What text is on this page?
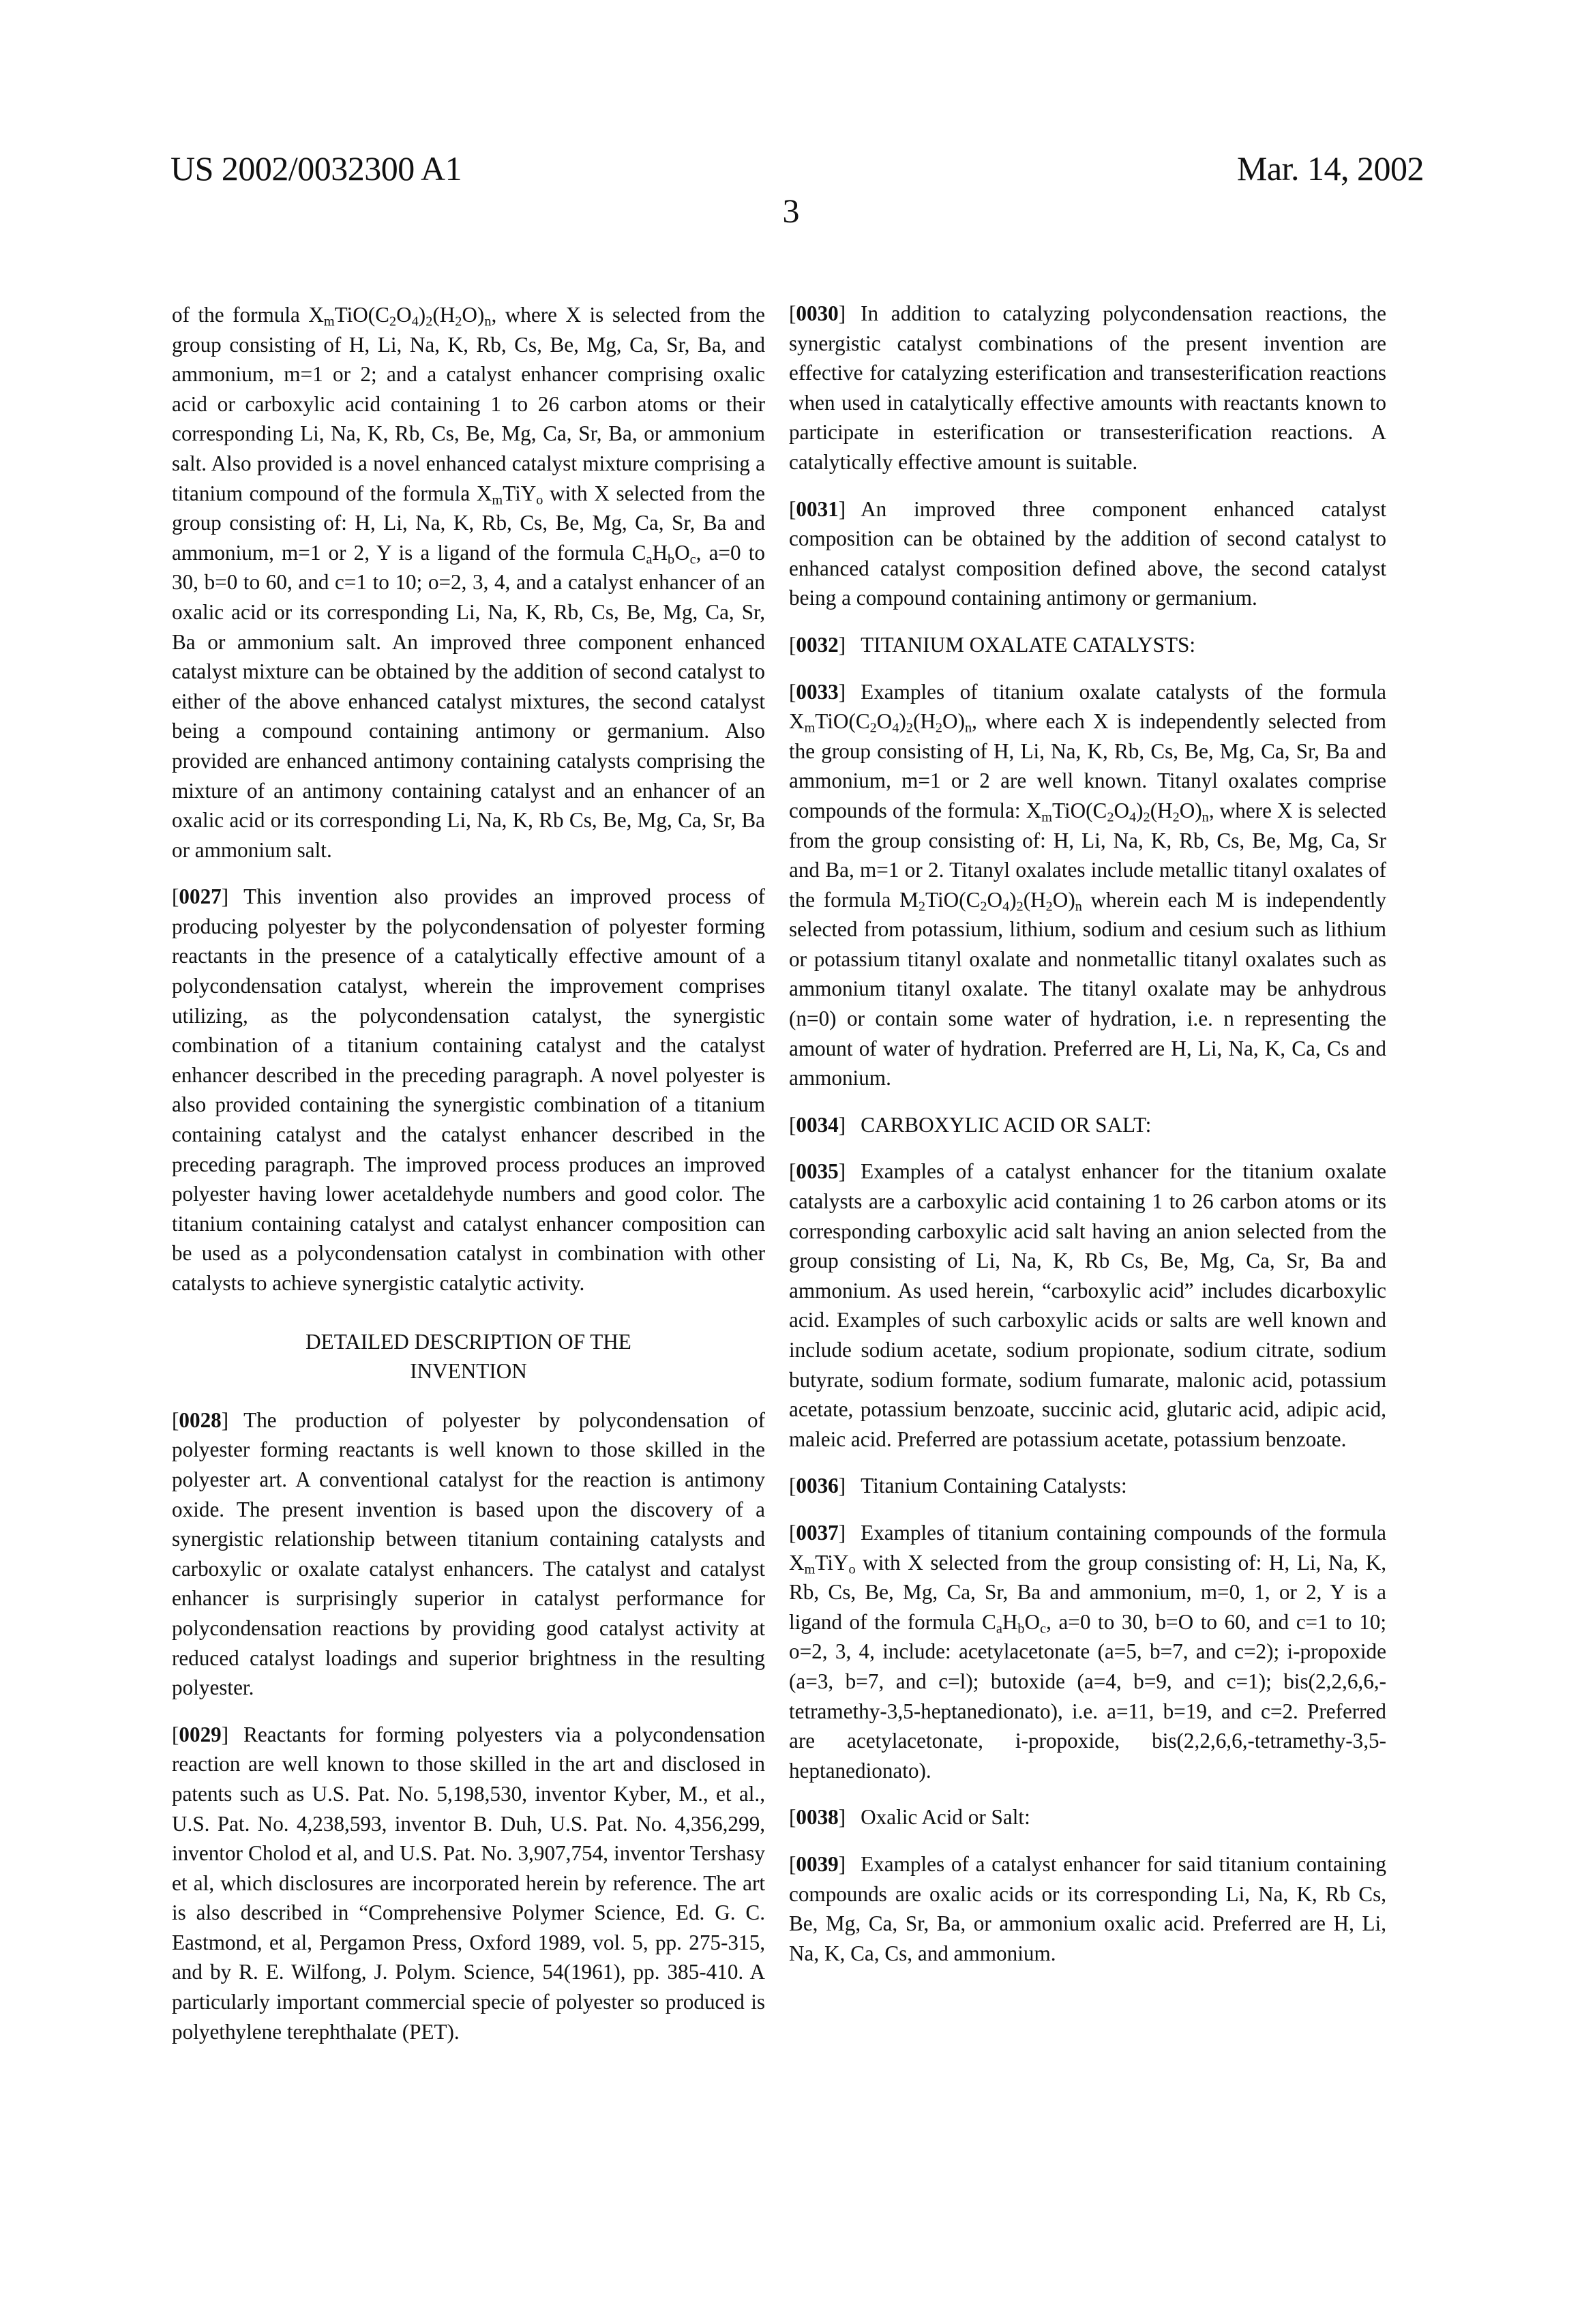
US 2002/0032300 A1	Mar. 14, 2002
3

of the formula $X_mTiO(C_2O_4)_2(H_2O)_n$, where X is selected from the group consisting of H, Li, Na, K, Rb, Cs, Be, Mg, Ca, Sr, Ba, and ammonium, m=1 or 2; and a catalyst enhancer comprising oxalic acid or carboxylic acid containing 1 to 26 carbon atoms or their corresponding Li, Na, K, Rb, Cs, Be, Mg, Ca, Sr, Ba, or ammonium salt. Also provided is a novel enhanced catalyst mixture comprising a titanium compound of the formula $X_mTiY_o$ with X selected from the group consisting of: H, Li, Na, K, Rb, Cs, Be, Mg, Ca, Sr, Ba and ammonium, m=1 or 2, Y is a ligand of the formula $C_aH_bO_c$, a=0 to 30, b=0 to 60, and c=1 to 10; o=2, 3, 4, and a catalyst enhancer of an oxalic acid or its corresponding Li, Na, K, Rb, Cs, Be, Mg, Ca, Sr, Ba or ammonium salt. An improved three component enhanced catalyst mixture can be obtained by the addition of second catalyst to either of the above enhanced catalyst mixtures, the second catalyst being a compound containing antimony or germanium. Also provided are enhanced antimony containing catalysts comprising the mixture of an antimony containing catalyst and an enhancer of an oxalic acid or its corresponding Li, Na, K, Rb Cs, Be, Mg, Ca, Sr, Ba or ammonium salt.

[0027] This invention also provides an improved process of producing polyester by the polycondensation of polyester forming reactants in the presence of a catalytically effective amount of a polycondensation catalyst, wherein the improvement comprises utilizing, as the polycondensation catalyst, the synergistic combination of a titanium containing catalyst and the catalyst enhancer described in the preceding paragraph. A novel polyester is also provided containing the synergistic combination of a titanium containing catalyst and the catalyst enhancer described in the preceding paragraph. The improved process produces an improved polyester having lower acetaldehyde numbers and good color. The titanium containing catalyst and catalyst enhancer composition can be used as a polycondensation catalyst in combination with other catalysts to achieve synergistic catalytic activity.

DETAILED DESCRIPTION OF THE
INVENTION

[0028] The production of polyester by polycondensation of polyester forming reactants is well known to those skilled in the polyester art. A conventional catalyst for the reaction is antimony oxide. The present invention is based upon the discovery of a synergistic relationship between titanium containing catalysts and carboxylic or oxalate catalyst enhancers. The catalyst and catalyst enhancer is surprisingly superior in catalyst performance for polycondensation reactions by providing good catalyst activity at reduced catalyst loadings and superior brightness in the resulting polyester.

[0029] Reactants for forming polyesters via a polycondensation reaction are well known to those skilled in the art and disclosed in patents such as U.S. Pat. No. 5,198,530, inventor Kyber, M., et al., U.S. Pat. No. 4,238,593, inventor B. Duh, U.S. Pat. No. 4,356,299, inventor Cholod et al, and U.S. Pat. No. 3,907,754, inventor Tershasy et al, which disclosures are incorporated herein by reference. The art is also described in “Comprehensive Polymer Science, Ed. G. C. Eastmond, et al, Pergamon Press, Oxford 1989, vol. 5, pp. 275-315, and by R. E. Wilfong, J. Polym. Science, 54(1961), pp. 385-410. A particularly important commercial specie of polyester so produced is polyethylene terephthalate (PET).

[0030] In addition to catalyzing polycondensation reactions, the synergistic catalyst combinations of the present invention are effective for catalyzing esterification and transesterification reactions when used in catalytically effective amounts with reactants known to participate in esterification or transesterification reactions. A catalytically effective amount is suitable.

[0031] An improved three component enhanced catalyst composition can be obtained by the addition of second catalyst to enhanced catalyst composition defined above, the second catalyst being a compound containing antimony or germanium.

[0032] TITANIUM OXALATE CATALYSTS:

[0033] Examples of titanium oxalate catalysts of the formula $X_mTiO(C_2O_4)_2(H_2O)_n$, where each X is independently selected from the group consisting of H, Li, Na, K, Rb, Cs, Be, Mg, Ca, Sr, Ba and ammonium, m=1 or 2 are well known. Titanyl oxalates comprise compounds of the formula: $X_mTiO(C_2O_4)_2(H_2O)_n$, where X is selected from the group consisting of: H, Li, Na, K, Rb, Cs, Be, Mg, Ca, Sr and Ba, m=1 or 2. Titanyl oxalates include metallic titanyl oxalates of the formula $M_2TiO(C_2O_4)_2(H_2O)_n$ wherein each M is independently selected from potassium, lithium, sodium and cesium such as lithium or potassium titanyl oxalate and nonmetallic titanyl oxalates such as ammonium titanyl oxalate. The titanyl oxalate may be anhydrous (n=0) or contain some water of hydration, i.e. n representing the amount of water of hydration. Preferred are H, Li, Na, K, Ca, Cs and ammonium.

[0034] CARBOXYLIC ACID OR SALT:

[0035] Examples of a catalyst enhancer for the titanium oxalate catalysts are a carboxylic acid containing 1 to 26 carbon atoms or its corresponding carboxylic acid salt having an anion selected from the group consisting of Li, Na, K, Rb Cs, Be, Mg, Ca, Sr, Ba and ammonium. As used herein, “carboxylic acid” includes dicarboxylic acid. Examples of such carboxylic acids or salts are well known and include sodium acetate, sodium propionate, sodium citrate, sodium butyrate, sodium formate, sodium fumarate, malonic acid, potassium acetate, potassium benzoate, succinic acid, glutaric acid, adipic acid, maleic acid. Preferred are potassium acetate, potassium benzoate.

[0036] Titanium Containing Catalysts:

[0037] Examples of titanium containing compounds of the formula $X_mTiY_o$ with X selected from the group consisting of: H, Li, Na, K, Rb, Cs, Be, Mg, Ca, Sr, Ba and ammonium, m=0, 1, or 2, Y is a ligand of the formula $C_aH_bO_c$, a=0 to 30, b=O to 60, and c=1 to 10; o=2, 3, 4, include: acetylacetonate (a=5, b=7, and c=2); i-propoxide (a=3, b=7, and c=l); butoxide (a=4, b=9, and c=1); bis(2,2,6,6,-tetramethy-3,5-heptanedionato), i.e. a=11, b=19, and c=2. Preferred are acetylacetonate, i-propoxide, bis(2,2,6,6,-tetramethy-3,5-heptanedionato).

[0038] Oxalic Acid or Salt:

[0039] Examples of a catalyst enhancer for said titanium containing compounds are oxalic acids or its corresponding Li, Na, K, Rb Cs, Be, Mg, Ca, Sr, Ba, or ammonium oxalic acid. Preferred are H, Li, Na, K, Ca, Cs, and ammonium.
